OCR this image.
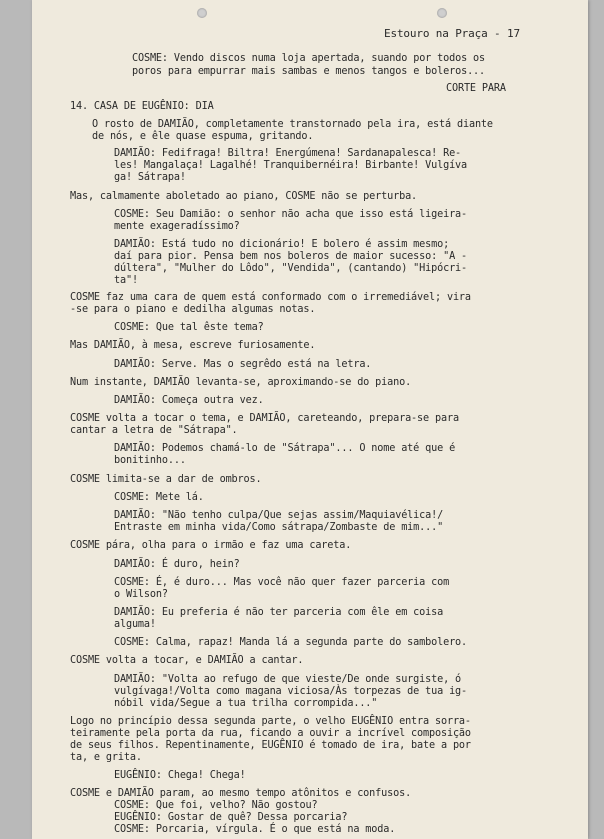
Estouro na Praça - 17
COSME: Vendo discos numa loja apertada, suando por todos os
poros para empurrar mais sambas e menos tangos e boleros...
CORTE PARA
14. CASA DE EUGÊNIO: DIA
O rosto de DAMIÃO, completamente transtornado pela ira, está diante
de nós, e êle quase espuma, gritando.
DAMIÃO: Fedifraga! Biltra! Energúmena! Sardanapalesca! Re-
les! Mangalaça! Lagalhé! Tranquibernéira! Birbante! Vulgíva
ga! Sátrapa!
Mas, calmamente aboletado ao piano, COSME não se perturba.
COSME: Seu Damião: o senhor não acha que isso está ligeira-
mente exageradíssimo?
DAMIÃO: Está tudo no dicionário! E bolero é assim mesmo;
daí para pior. Pensa bem nos boleros de maior sucesso: "A -
dúltera", "Mulher do Lôdo", "Vendida", (cantando) "Hipócri-
ta"!
COSME faz uma cara de quem está conformado com o irremediável; vira
-se para o piano e dedilha algumas notas.
COSME: Que tal êste tema?
Mas DAMIÃO, à mesa, escreve furiosamente.
DAMIÃO: Serve. Mas o segrêdo está na letra.
Num instante, DAMIÃO levanta-se, aproximando-se do piano.
DAMIÃO: Começa outra vez.
COSME volta a tocar o tema, e DAMIÃO, careteando, prepara-se para
cantar a letra de "Sátrapa".
DAMIÃO: Podemos chamá-lo de "Sátrapa"... O nome até que é
bonitinho...
COSME limita-se a dar de ombros.
COSME: Mete lá.
DAMIÃO: "Não tenho culpa/Que sejas assim/Maquiavélica!/
Entraste em minha vida/Como sátrapa/Zombaste de mim..."
COSME pára, olha para o irmão e faz uma careta.
DAMIÃO: É duro, hein?
COSME: É, é duro... Mas você não quer fazer parceria com
o Wilson?
DAMIÃO: Eu preferia é não ter parceria com êle em coisa
alguma!
COSME: Calma, rapaz! Manda lá a segunda parte do sambolero.
COSME volta a tocar, e DAMIÃO a cantar.
DAMIÃO: "Volta ao refugo de que vieste/De onde surgiste, ó
vulgívaga!/Volta como magana viciosa/Às torpezas de tua ig-
nóbil vida/Segue a tua trilha corrompida..."
Logo no princípio dessa segunda parte, o velho EUGÊNIO entra sorra-
teiramente pela porta da rua, ficando a ouvir a incrível composição
de seus filhos. Repentinamente, EUGÊNIO é tomado de ira, bate a por
ta, e grita.
EUGÊNIO: Chega! Chega!
COSME e DAMIÃO param, ao mesmo tempo atônitos e confusos.
COSME: Que foi, velho? Não gostou?
EUGÊNIO: Gostar de quê? Dessa porcaria?
COSME: Porcaria, vírgula. É o que está na moda.
